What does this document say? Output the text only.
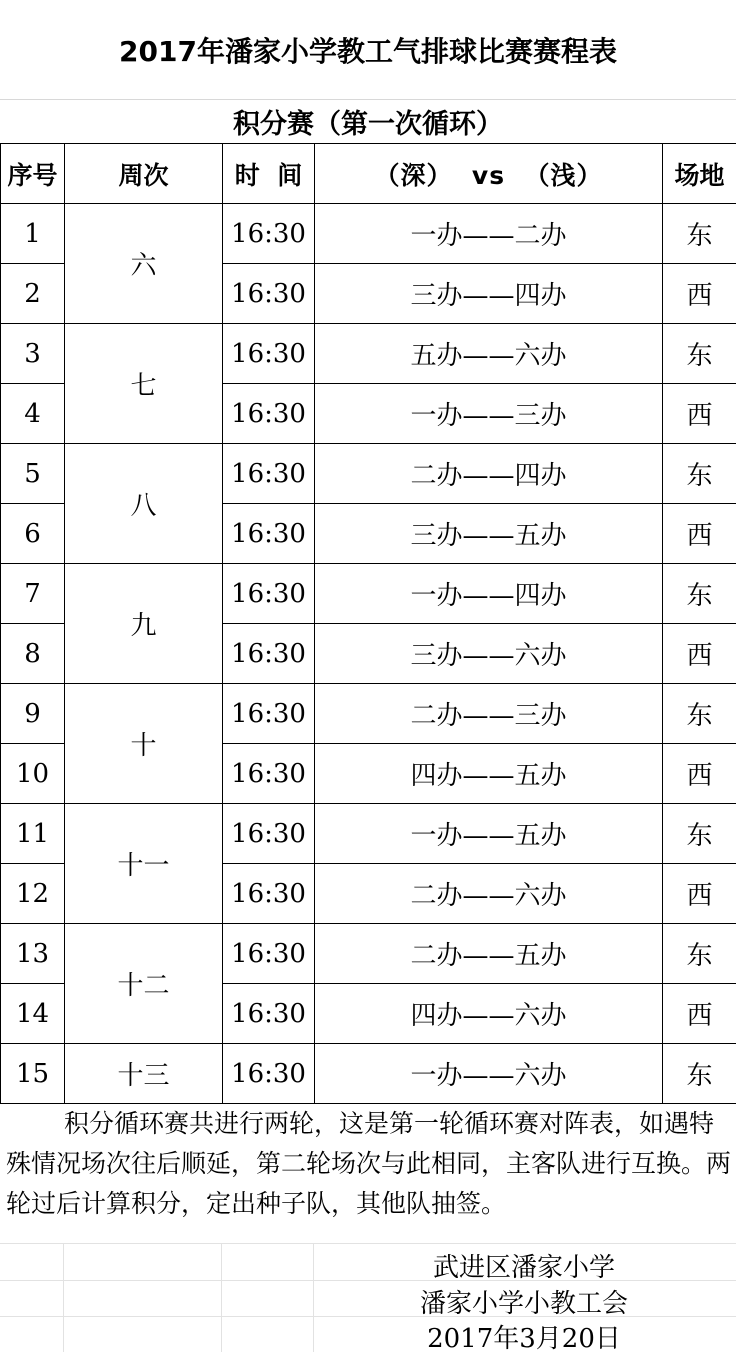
2017年潘家小学教工气排球比赛赛程表
积分赛（第一次循环）
序号	周次	时  间	（深）  vs  （浅）	场地
1	六	16:30	一办——二办	东
2		16:30	三办——四办	西
3	七	16:30	五办——六办	东
4		16:30	一办——三办	西
5	八	16:30	二办——四办	东
6		16:30	三办——五办	西
7	九	16:30	一办——四办	东
8		16:30	三办——六办	西
9	十	16:30	二办——三办	东
10		16:30	四办——五办	西
11	十一	16:30	一办——五办	东
12		16:30	二办——六办	西
13	十二	16:30	二办——五办	东
14		16:30	四办——六办	西
15	十三	16:30	一办——六办	东
积分循环赛共进行两轮，这是第一轮循环赛对阵表，如遇特殊情况场次往后顺延，第二轮场次与此相同，主客队进行互换。两轮过后计算积分，定出种子队，其他队抽签。
武进区潘家小学
潘家小学小教工会
2017年3月20日
